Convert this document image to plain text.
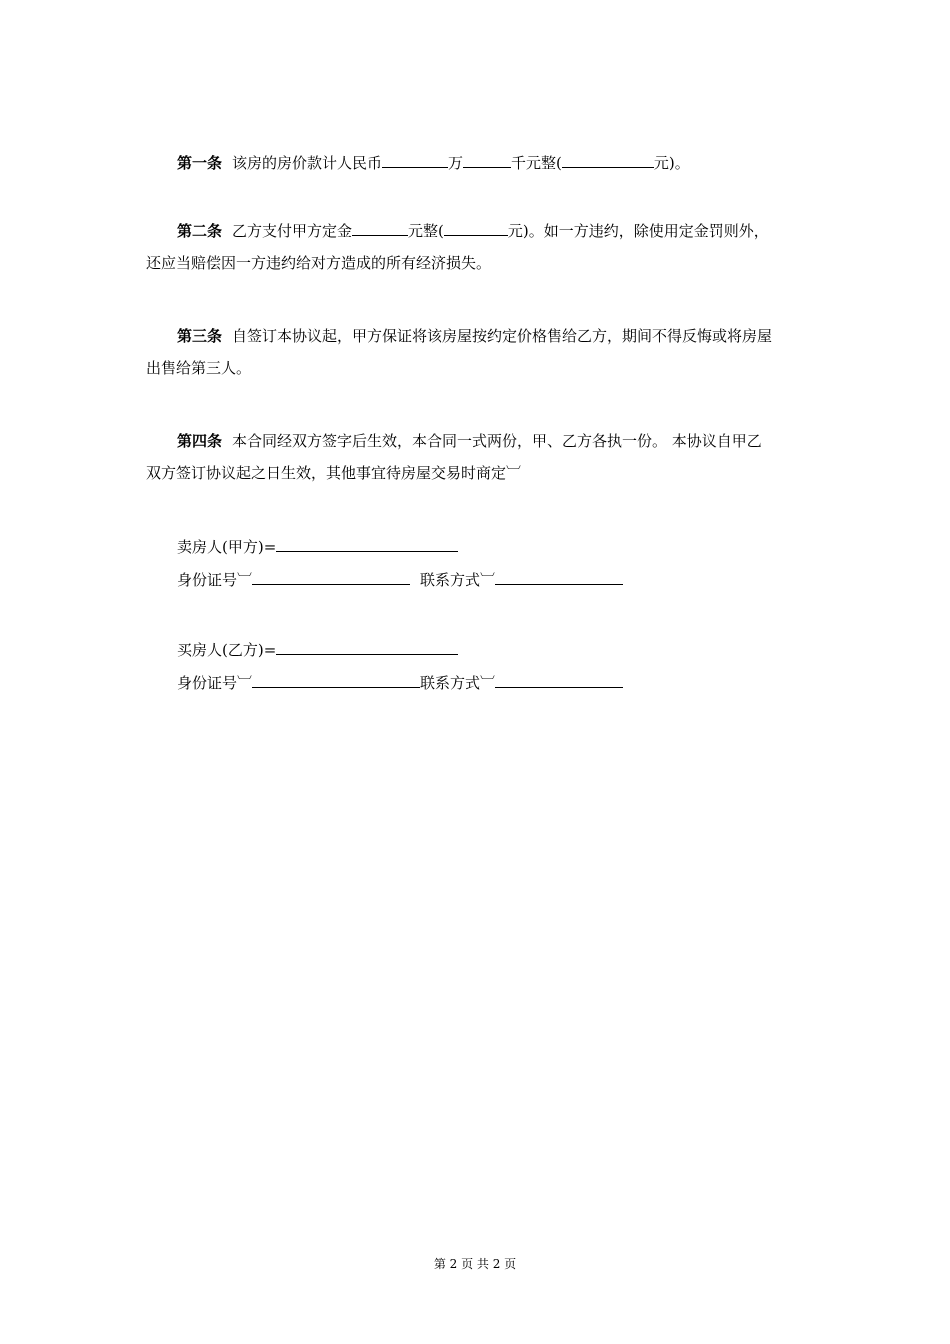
第一条 该房的房价款计人民币	万	千元整(	元)。
第二条 乙方支付甲方定金	元整(	元)。如一方违约，除使用定金罚则外，
还应当赔偿因一方违约给对方造成的所有经济损失。
第三条 自签订本协议起，甲方保证将该房屋按约定价格售给乙方，期间不得反悔或将房屋
出售给第三人。
第四条 本合同经双方签字后生效，本合同一式两份，甲、乙方各执一份。 本协议自甲乙
双方签订协议起之日生效，其他事宜待房屋交易时商定︺
卖房人(甲方)=
身份证号︺	联系方式︺
买房人(乙方)=
身份证号︺	联系方式︺
第 2 页 共 2 页
